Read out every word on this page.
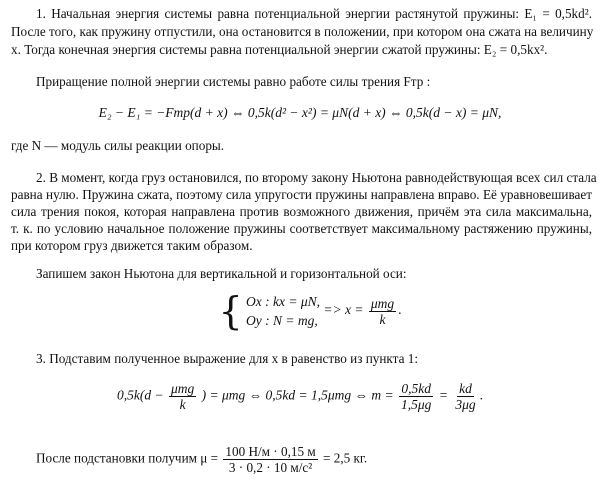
1. Начальная энергия системы равна потенциальной энергии растянутой пружины: E₁ = 0,5kd².
После того, как пружину отпустили, она остановится в положении, при котором она сжата на величину
x. Тогда конечная энергия системы равна потенциальной энергии сжатой пружины: E₂ = 0,5kx².
Приращение полной энергии системы равно работе силы трения Fтр :
E₂ − E₁ = −Fтр(d + x) ⇔ 0,5k(d² − x²) = μN(d + x) ⇔ 0,5k(d − x) = μN,
где N — модуль силы реакции опоры.
2. В момент, когда груз остановился, по второму закону Ньютона равнодействующая всех сил стала
равна нулю. Пружина сжата, поэтому сила упругости пружины направлена вправо. Её уравновешивает
сила трения покоя, которая направлена против возможного движения, причём эта сила максимальна,
т. к. по условию начальное положение пружины соответствует максимальному растяжению пружины,
при котором груз движется таким образом.
Запишем закон Ньютона для вертикальной и горизонтальной оси:
{ Ox : kx = μN,
Oy : N = mg,
=> $x = \frac{\text{μmg}}{k}$ .
3. Подставим полученное выражение для x в равенство из пункта 1:
$0,5k(d - \frac{\text{μmg}}{k}$ ) = μmg ⇔ 0,5kd = 1,5μmg ⇔ $m = \frac{0,5kd}{1,5\mu g} = \frac{kd}{3\mu g}$ .
После подстановки получим $\mu = \frac{100 Н/м \cdot 0,15 м}{\text{3 · 0,2 · 10 м/с²}} = 2,5$ кг.
